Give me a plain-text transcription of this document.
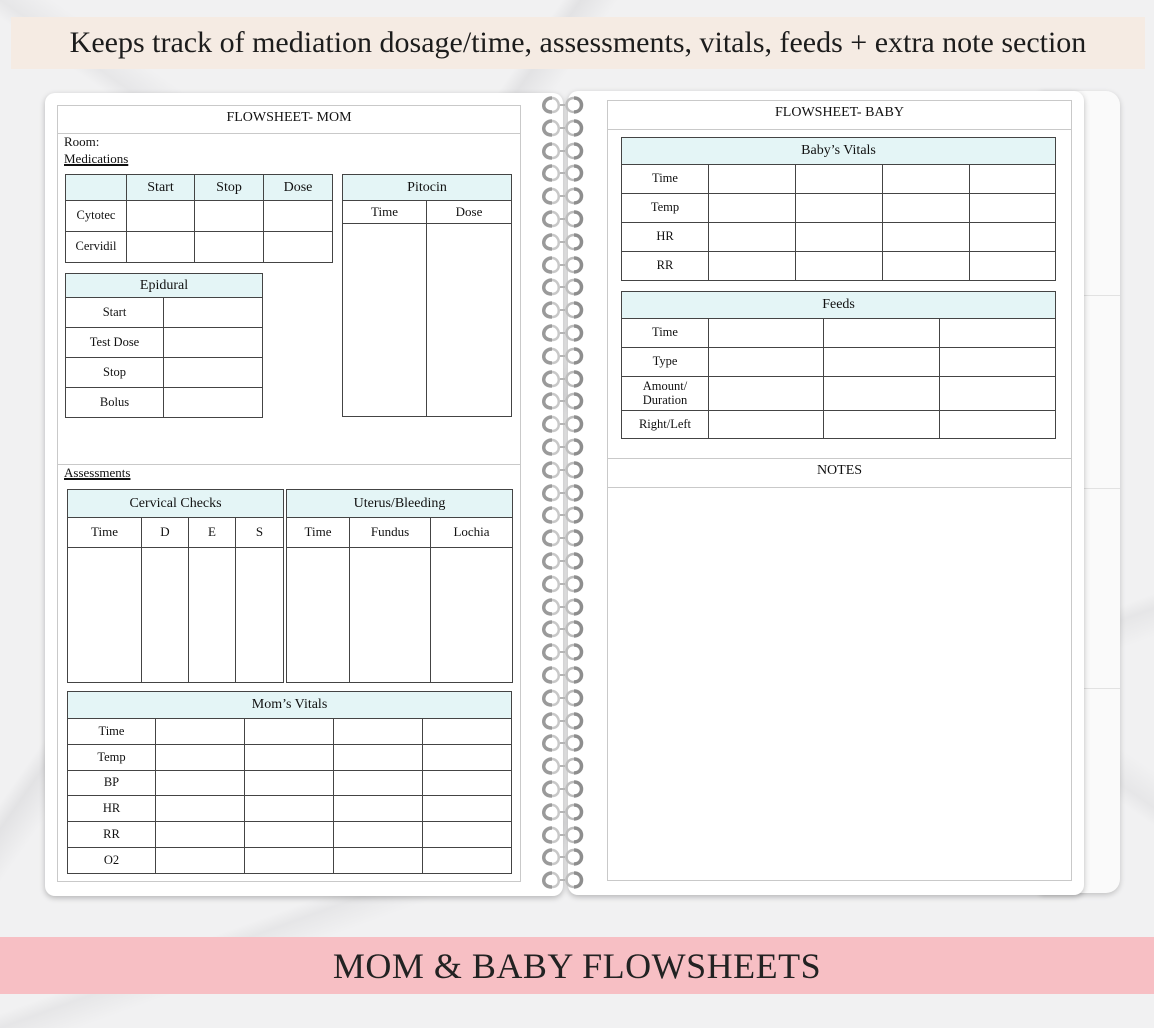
Keeps track of mediation dosage/time, assessments, vitals, feeds + extra note section
FLOWSHEET- MOM
Room:
Medications
	Start	Stop	Dose
Cytotec			
Cervidil			
Pitocin	
Time	Dose

Epidural	
Start	
Test Dose	
Stop	
Bolus	
Assessments
Cervical Checks			
Time	D	E	S

Uterus/Bleeding		
Time	Fundus	Lochia

Mom’s Vitals				
Time				
Temp				
BP				
HR				
RR				
O2				
FLOWSHEET- BABY
Baby’s Vitals				
Time				
Temp				
HR				
RR				
Feeds			
Time			
Type			

Amount/
Duration			

Right/Left			
NOTES
MOM & BABY FLOWSHEETS
